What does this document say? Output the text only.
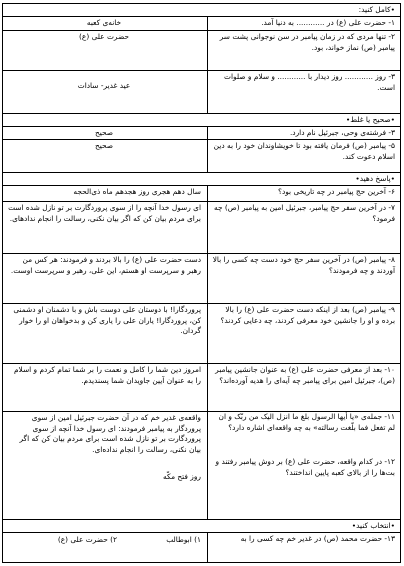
•کامل کنید:
۱- حضرت علی (ع) در ............ به دنیا آمد.
خانه‌ی کعبه
۲- تنها مردی که در زمان پیامبر در سن نوجوانی پشت سر پیامبر (ص) نماز خواند، بود.
حضرت علی (ع)
۳- روز ............ روز دیدار با ............ و سلام و صلوات است.
عید غدیر- سادات
•صحیح یا غلط•
۳- فرشته‌ی وحی، جبرئیل نام دارد.
صحیح
۵- پیامبر (ص) فرمان یافته بود تا خویشاوندان خود را به دین اسلام دعوت کند.
صحیح
•پاسخ دهید•
۶- آخرین حج پیامبر در چه تاریخی بود؟
سال دهم هجری روز هجدهم ماه ذی‌الحجه
۷- در آخرین سفر حج پیامبر، جبرئیل امین به پیامبر (ص) چه فرمود؟
ای رسول خدا آنچه را از سوی پروردگارت بر تو نازل شده است برای مردم بیان کن که اگر بیان نکنی، رسالت را انجام ندادهای.
۸- پیامبر (ص) در آخرین سفر حج خود دست چه کسی را بالا آوردند و چه فرمودند؟
دست حضرت علی (ع) را بالا بردند و فرمودند: هر کس من رهبر و سرپرست او هستم، این علی، رهبر و سرپرست اوست.
۹- پیامبر (ص) بعد از اینکه دست حضرت علی (ع) را بالا برده و او را جانشین خود معرفی کردند، چه دعایی کردند؟
پروردگارا! با دوستان علی دوست باش و با دشمنان او دشمنی کن، پروردگارا! یاران علی را یاری کن و بدخواهان او را خوار گردان.
۱۰- بعد از معرفی حضرت علی (ع) به عنوان جانشین پیامبر (ص)، جبرئیل امین برای پیامبر چه آیه‌ای را هدیه آورده‌اند؟
امروز دین شما را کامل و نعمت را بر شما تمام کردم و اسلام را به عنوان آیین جاویدان شما پسندیدم.

۱۱- جمله‌ی «یا أیها الرسول بلغ ما انزل الیک من ربّک و ان لم تفعل فما بلّغت رسالته» به چه واقعه‌ای اشاره دارد؟

۱۲- در کدام واقعه، حضرت علی (ع) بر دوش پیامبر رفتند و بت‌ها را از بالای کعبه پایین انداختند؟

واقعه‌ی غدیر خم که در آن حضرت جبرئیل امین از سوی پروردگار به پیامبر فرمودند: ای رسول خدا آنچه از سوی پروردگارت بر تو نازل شده است برای مردم بیان کن که اگر بیان نکنی، رسالت را انجام نداده‌ای.

روز فتح مکّه

•انتخاب کنید•
۱۳- حضرت محمد (ص) در غدیر خم چه کسی را به
۱) ابوطالب
۲) حضرت علی (ع)
